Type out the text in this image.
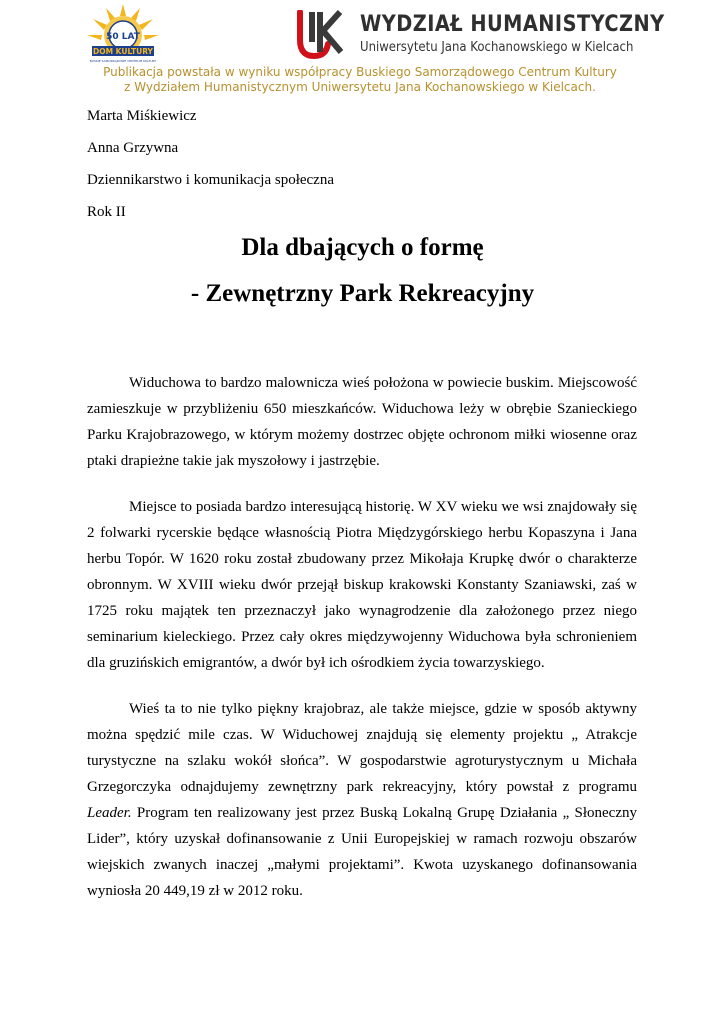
50 LAT
DOM KULTURY
BUSKIE SAMORZĄDOWE CENTRUM KULTURY
WYDZIAŁ HUMANISTYCZNY
Uniwersytetu Jana Kochanowskiego w Kielcach
Publikacja powstała w wyniku współpracy Buskiego Samorządowego Centrum Kultury
z Wydziałem Humanistycznym Uniwersytetu Jana Kochanowskiego w Kielcach.
Marta Miśkiewicz
Anna Grzywna
Dziennikarstwo i komunikacja społeczna
Rok II
Dla dbających o formę
- Zewnętrzny Park Rekreacyjny

Widuchowa to bardzo malownicza wieś położona w powiecie buskim. Miejscowość zamieszkuje w przybliżeniu 650 mieszkańców. Widuchowa leży w obrębie Szanieckiego Parku Krajobrazowego, w którym możemy dostrzec objęte ochronom miłki wiosenne oraz ptaki drapieżne takie jak myszołowy i jastrzębie.

Miejsce to posiada bardzo interesującą historię. W XV wieku we wsi znajdowały się 2 folwarki rycerskie będące własnością Piotra Międzygórskiego herbu Kopaszyna i Jana herbu Topór. W 1620 roku został zbudowany przez Mikołaja Krupkę dwór o charakterze obronnym. W XVIII wieku dwór przejął biskup krakowski Konstanty Szaniawski, zaś w 1725 roku majątek ten przeznaczył jako wynagrodzenie dla założonego przez niego seminarium kieleckiego. Przez cały okres międzywojenny Widuchowa była schronieniem dla gruzińskich emigrantów, a dwór był ich ośrodkiem życia towarzyskiego.

Wieś ta to nie tylko piękny krajobraz, ale także miejsce, gdzie w sposób aktywny można spędzić mile czas. W Widuchowej znajdują się elementy projektu „ Atrakcje turystyczne na szlaku wokół słońca”. W gospodarstwie agroturystycznym u Michała Grzegorczyka odnajdujemy zewnętrzny park rekreacyjny, który powstał z programu Leader. Program ten realizowany jest przez Buską Lokalną Grupę Działania „ Słoneczny Lider”, który uzyskał dofinansowanie z Unii Europejskiej w ramach rozwoju obszarów wiejskich zwanych inaczej „małymi projektami”. Kwota uzyskanego dofinansowania wyniosła 20 449,19 zł w 2012 roku.
